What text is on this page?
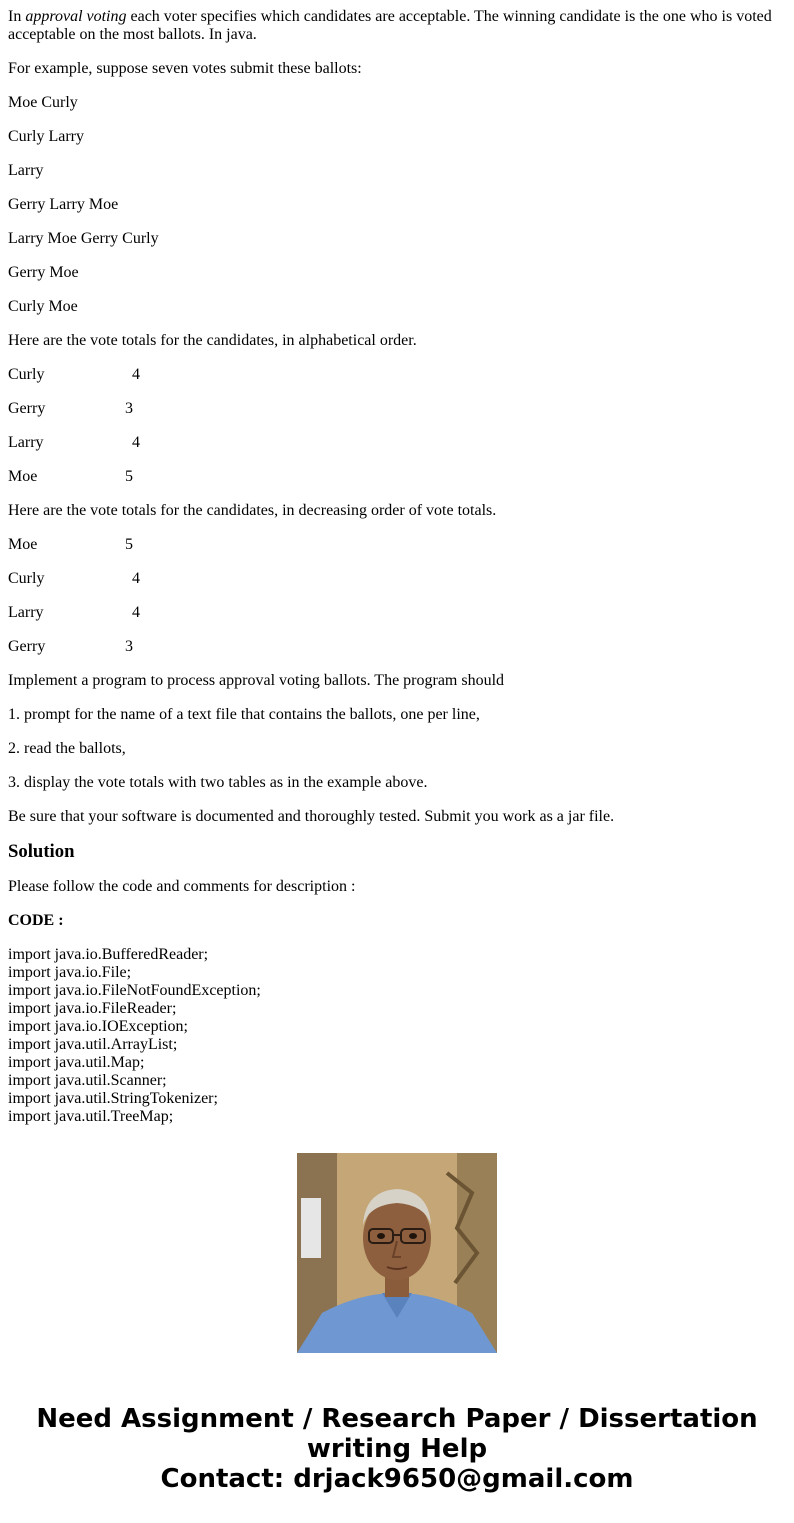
In approval voting each voter specifies which candidates are acceptable. The winning candidate is the one who is voted acceptable on the most ballots. In java.

For example, suppose seven votes submit these ballots:

Moe Curly

Curly Larry

Larry

Gerry Larry Moe

Larry Moe Gerry Curly

Gerry Moe

Curly Moe

Here are the vote totals for the candidates, in alphabetical order.

Curly	4
Gerry	3
Larry	4
Moe	5

Here are the vote totals for the candidates, in decreasing order of vote totals.

Moe	5
Curly	4
Larry	4
Gerry	3

Implement a program to process approval voting ballots. The program should

1. prompt for the name of a text file that contains the ballots, one per line,

2. read the ballots,

3. display the vote totals with two tables as in the example above.

Be sure that your software is documented and thoroughly tested. Submit you work as a jar file.

Solution

Please follow the code and comments for description :

CODE :
import java.io.BufferedReader;
import java.io.File;
import java.io.FileNotFoundException;
import java.io.FileReader;
import java.io.IOException;
import java.util.ArrayList;
import java.util.Map;
import java.util.Scanner;
import java.util.StringTokenizer;
import java.util.TreeMap;
Need Assignment / Research Paper / Dissertation
writing Help
Contact: drjack9650@gmail.com
